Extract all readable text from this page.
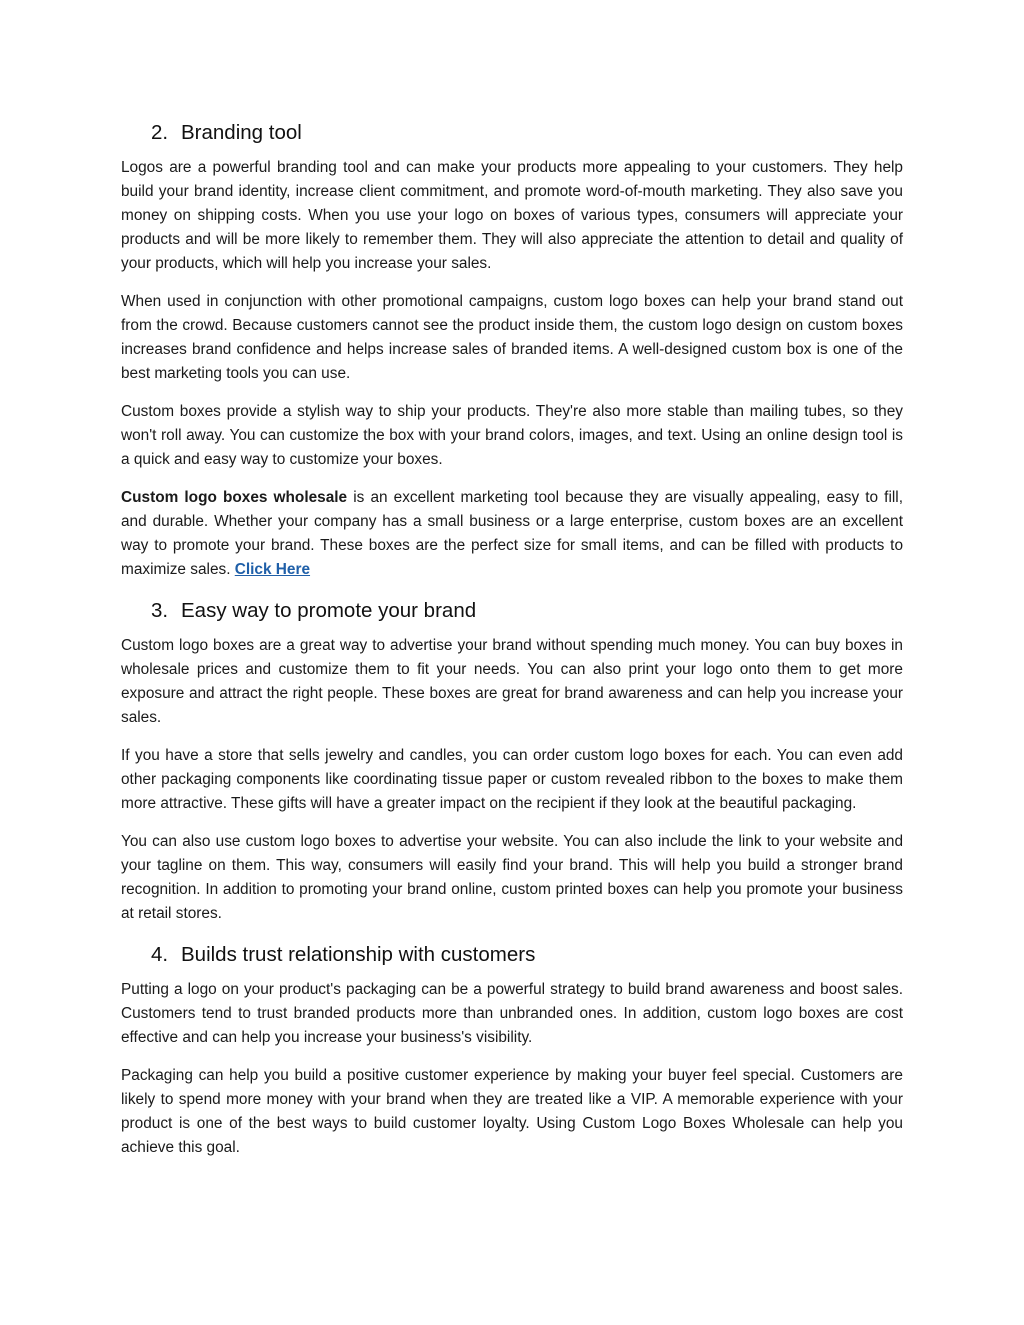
2. Branding tool

Logos are a powerful branding tool and can make your products more appealing to your customers. They help build your brand identity, increase client commitment, and promote word-of-mouth marketing. They also save you money on shipping costs. When you use your logo on boxes of various types, consumers will appreciate your products and will be more likely to remember them. They will also appreciate the attention to detail and quality of your products, which will help you increase your sales.

When used in conjunction with other promotional campaigns, custom logo boxes can help your brand stand out from the crowd. Because customers cannot see the product inside them, the custom logo design on custom boxes increases brand confidence and helps increase sales of branded items. A well-designed custom box is one of the best marketing tools you can use.

Custom boxes provide a stylish way to ship your products. They're also more stable than mailing tubes, so they won't roll away. You can customize the box with your brand colors, images, and text. Using an online design tool is a quick and easy way to customize your boxes.

Custom logo boxes wholesale is an excellent marketing tool because they are visually appealing, easy to fill, and durable. Whether your company has a small business or a large enterprise, custom boxes are an excellent way to promote your brand. These boxes are the perfect size for small items, and can be filled with products to maximize sales. Click Here

3. Easy way to promote your brand

Custom logo boxes are a great way to advertise your brand without spending much money. You can buy boxes in wholesale prices and customize them to fit your needs. You can also print your logo onto them to get more exposure and attract the right people. These boxes are great for brand awareness and can help you increase your sales.

If you have a store that sells jewelry and candles, you can order custom logo boxes for each. You can even add other packaging components like coordinating tissue paper or custom revealed ribbon to the boxes to make them more attractive. These gifts will have a greater impact on the recipient if they look at the beautiful packaging.

You can also use custom logo boxes to advertise your website. You can also include the link to your website and your tagline on them. This way, consumers will easily find your brand. This will help you build a stronger brand recognition. In addition to promoting your brand online, custom printed boxes can help you promote your business at retail stores.

4. Builds trust relationship with customers

Putting a logo on your product's packaging can be a powerful strategy to build brand awareness and boost sales. Customers tend to trust branded products more than unbranded ones. In addition, custom logo boxes are cost effective and can help you increase your business's visibility.

Packaging can help you build a positive customer experience by making your buyer feel special. Customers are likely to spend more money with your brand when they are treated like a VIP. A memorable experience with your product is one of the best ways to build customer loyalty. Using Custom Logo Boxes Wholesale can help you achieve this goal.
